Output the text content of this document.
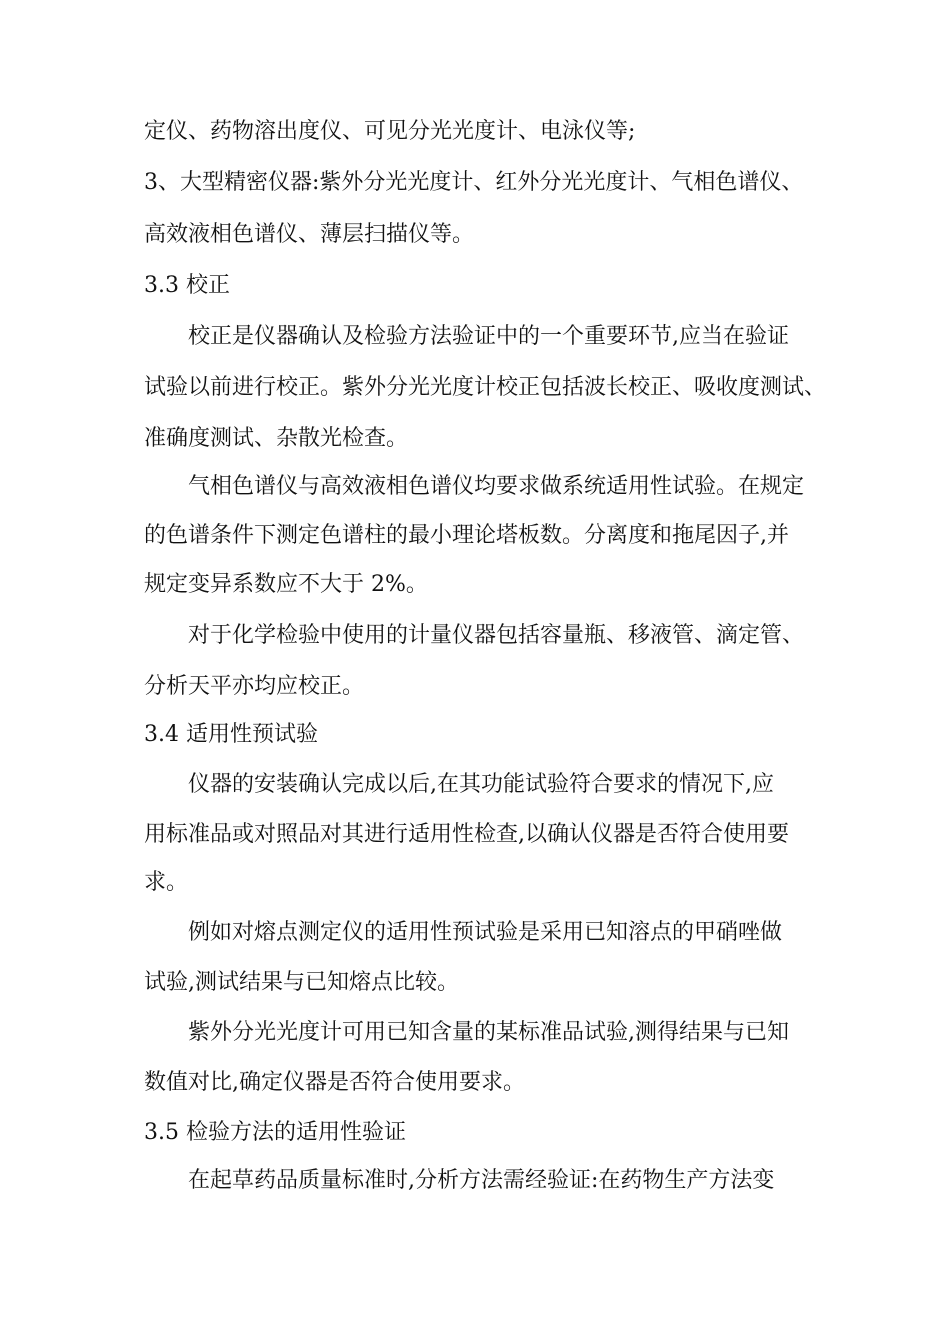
定仪、药物溶出度仪、可见分光光度计、电泳仪等;
3、大型精密仪器:紫外分光光度计、红外分光光度计、气相色谱仪、
高效液相色谱仪、薄层扫描仪等。
3.3 校正
校正是仪器确认及检验方法验证中的一个重要环节,应当在验证
试验以前进行校正。紫外分光光度计校正包括波长校正、吸收度测试、
准确度测试、杂散光检查。
气相色谱仪与高效液相色谱仪均要求做系统适用性试验。在规定
的色谱条件下测定色谱柱的最小理论塔板数。分离度和拖尾因子,并
规定变异系数应不大于 2%。
对于化学检验中使用的计量仪器包括容量瓶、移液管、滴定管、
分析天平亦均应校正。
3.4 适用性预试验
仪器的安装确认完成以后,在其功能试验符合要求的情况下,应
用标准品或对照品对其进行适用性检查,以确认仪器是否符合使用要
求。
例如对熔点测定仪的适用性预试验是采用已知溶点的甲硝唑做
试验,测试结果与已知熔点比较。
紫外分光光度计可用已知含量的某标准品试验,测得结果与已知
数值对比,确定仪器是否符合使用要求。
3.5 检验方法的适用性验证
在起草药品质量标准时,分析方法需经验证:在药物生产方法变
